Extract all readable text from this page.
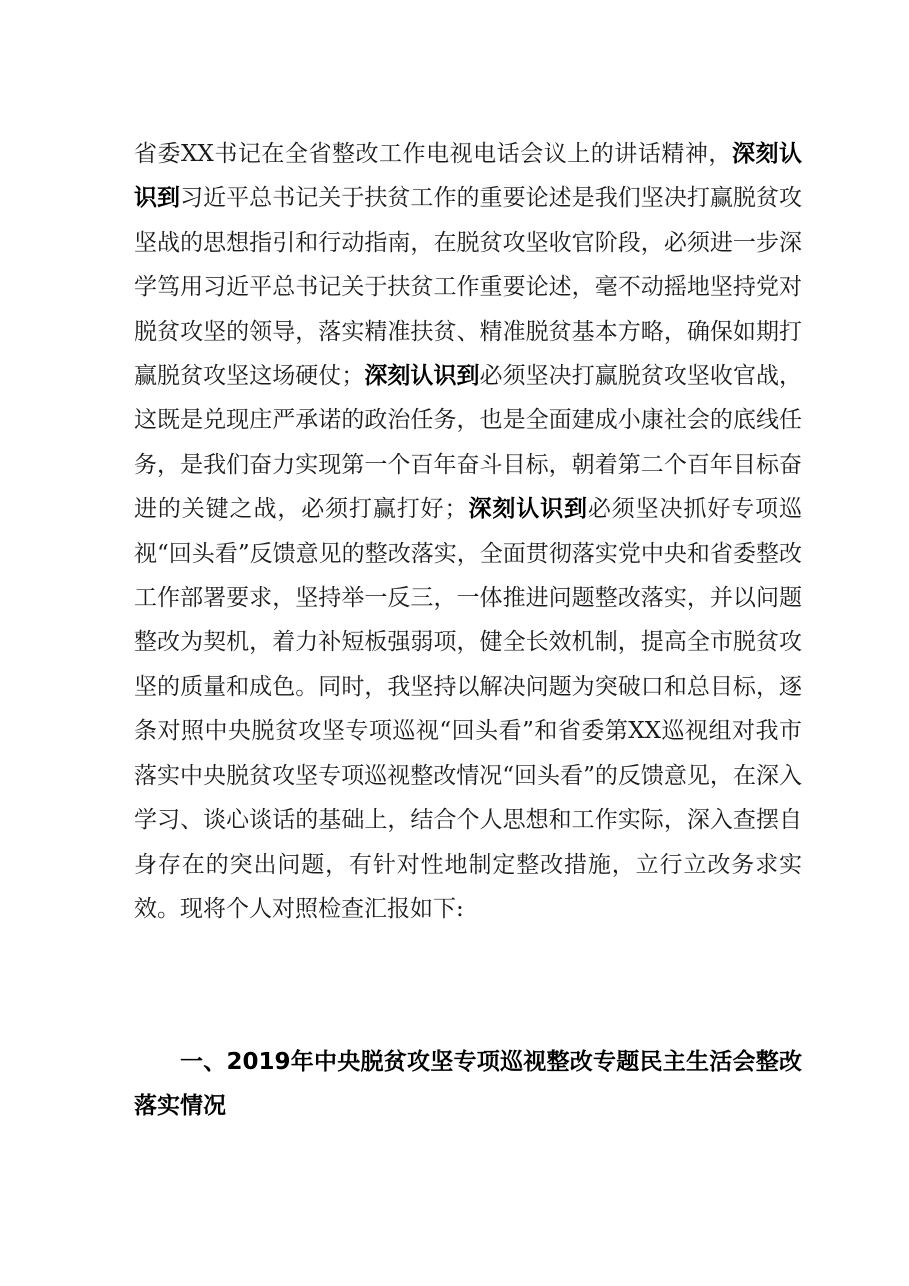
省委XX书记在全省整改工作电视电话会议上的讲话精神，深刻认识到习近平总书记关于扶贫工作的重要论述是我们坚决打赢脱贫攻坚战的思想指引和行动指南，在脱贫攻坚收官阶段，必须进一步深学笃用习近平总书记关于扶贫工作重要论述，毫不动摇地坚持党对脱贫攻坚的领导，落实精准扶贫、精准脱贫基本方略，确保如期打赢脱贫攻坚这场硬仗；深刻认识到必须坚决打赢脱贫攻坚收官战，这既是兑现庄严承诺的政治任务，也是全面建成小康社会的底线任务，是我们奋力实现第一个百年奋斗目标，朝着第二个百年目标奋进的关键之战，必须打赢打好；深刻认识到必须坚决抓好专项巡视“回头看”反馈意见的整改落实，全面贯彻落实党中央和省委整改工作部署要求，坚持举一反三，一体推进问题整改落实，并以问题整改为契机，着力补短板强弱项，健全长效机制，提高全市脱贫攻坚的质量和成色。同时，我坚持以解决问题为突破口和总目标，逐条对照中央脱贫攻坚专项巡视“回头看”和省委第XX巡视组对我市落实中央脱贫攻坚专项巡视整改情况“回头看”的反馈意见，在深入学习、谈心谈话的基础上，结合个人思想和工作实际，深入查摆自身存在的突出问题，有针对性地制定整改措施，立行立改务求实效。现将个人对照检查汇报如下:

一、2019年中央脱贫攻坚专项巡视整改专题民主生活会整改落实情况
